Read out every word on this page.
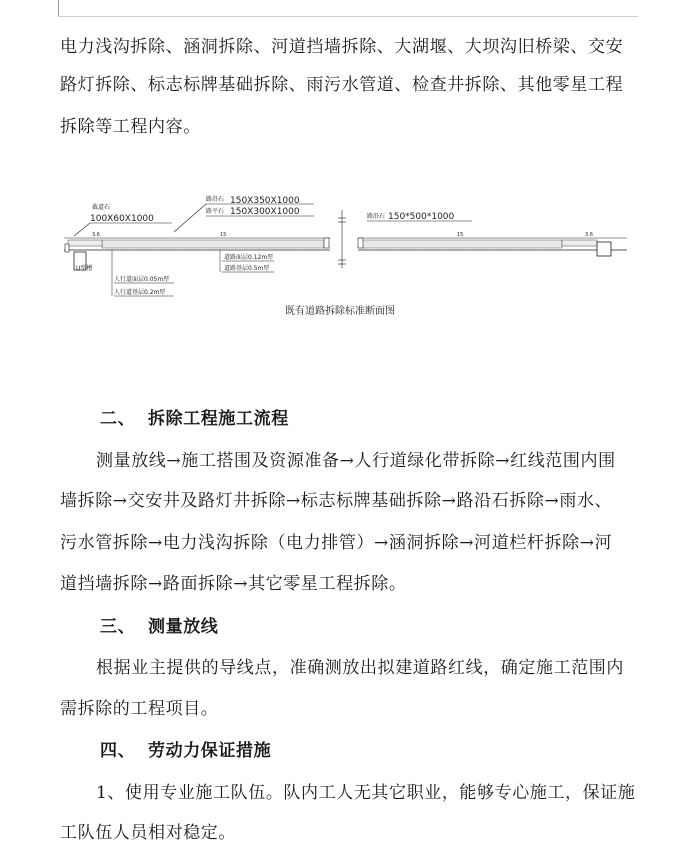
电力浅沟拆除、涵洞拆除、河道挡墙拆除、大湖堰、大坝沟旧桥梁、交安
路灯拆除、标志标牌基础拆除、雨污水管道、检查井拆除、其他零星工程
拆除等工程内容。
截道石
100X60X1000
路沿石 150X350X1000
路平石 150X300X1000	路沿石 150*500*1000
3.6	15	15	3.6
U型槽
人行道面层0.05m厚
人行道基层0.2m厚
道路面层0.12m厚
道路基层0.5m厚
既有道路拆除标准断面图
二、 拆除工程施工流程
测量放线→施工搭围及资源准备→人行道绿化带拆除→红线范围内围
墙拆除→交安井及路灯井拆除→标志标牌基础拆除→路沿石拆除→雨水、
污水管拆除→电力浅沟拆除（电力排管）→涵洞拆除→河道栏杆拆除→河
道挡墙拆除→路面拆除→其它零星工程拆除。
三、 测量放线
根据业主提供的导线点，准确测放出拟建道路红线，确定施工范围内
需拆除的工程项目。
四、 劳动力保证措施
1、使用专业施工队伍。队内工人无其它职业，能够专心施工，保证施
工队伍人员相对稳定。
